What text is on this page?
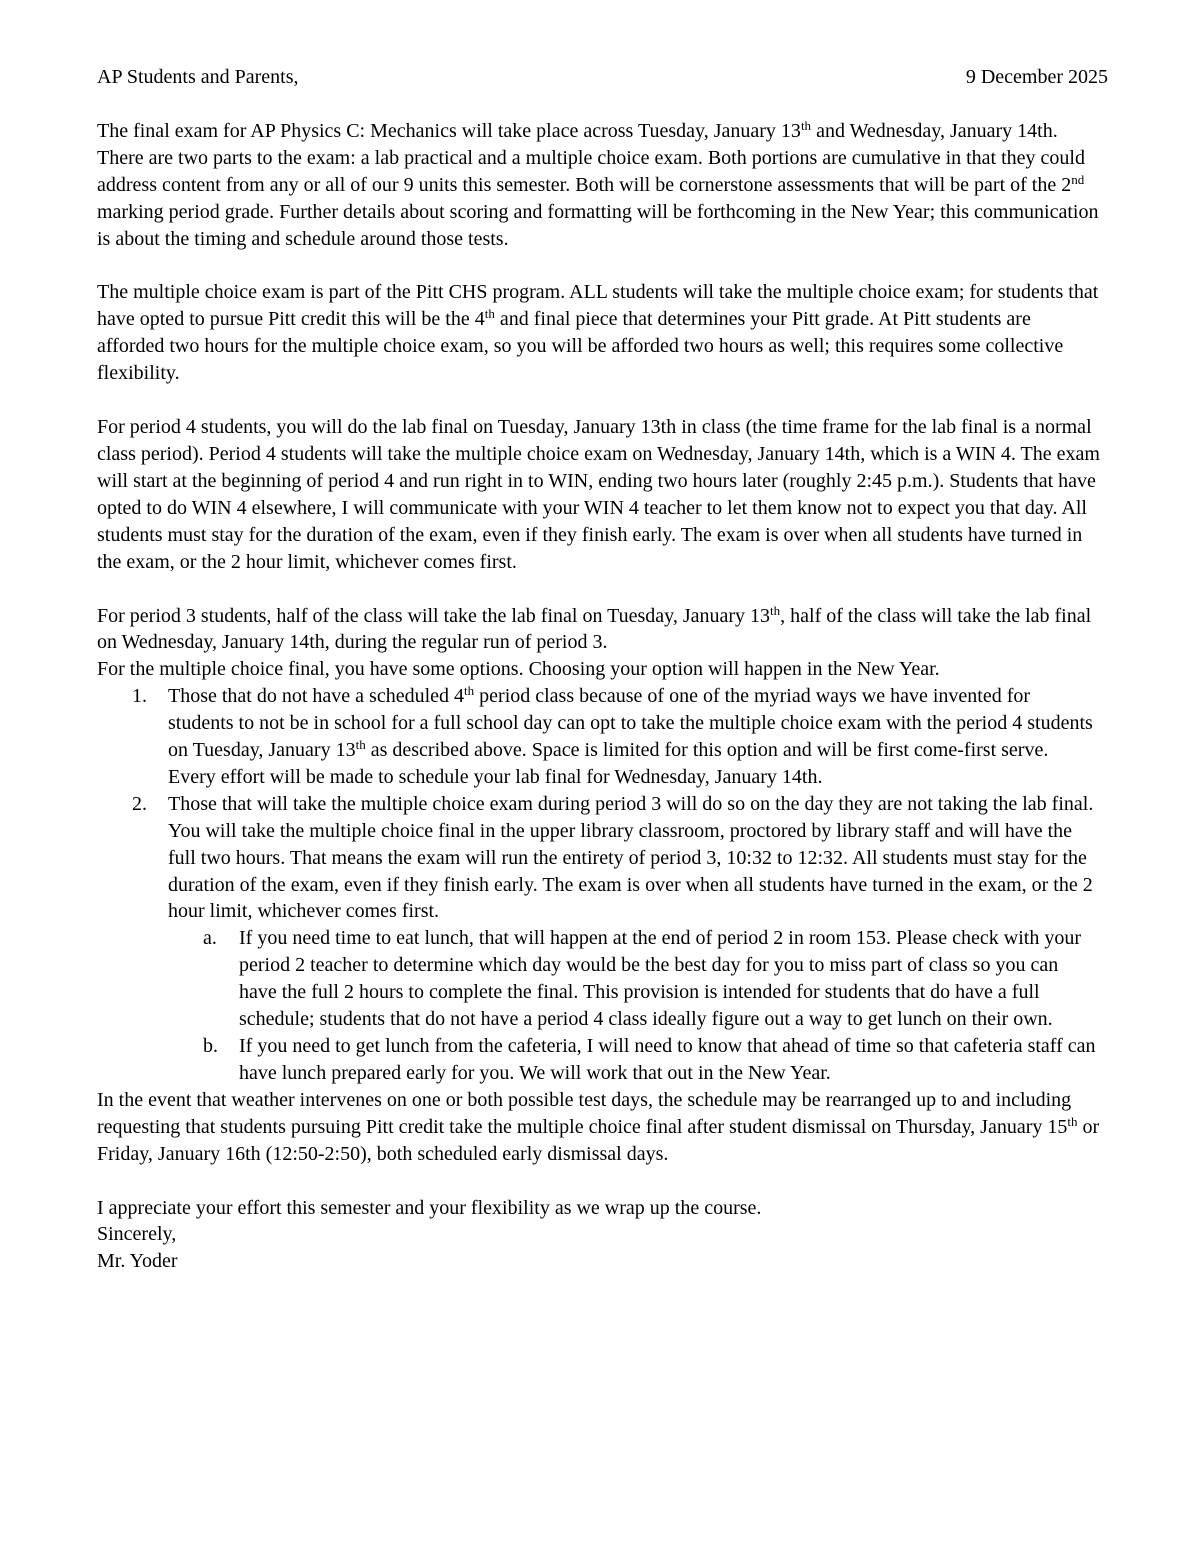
AP Students and Parents,	9 December 2025

The final exam for AP Physics C: Mechanics will take place across Tuesday, January 13th and Wednesday, January 14th. There are two parts to the exam: a lab practical and a multiple choice exam. Both portions are cumulative in that they could address content from any or all of our 9 units this semester. Both will be cornerstone assessments that will be part of the 2nd marking period grade. Further details about scoring and formatting will be forthcoming in the New Year; this communication is about the timing and schedule around those tests.

The multiple choice exam is part of the Pitt CHS program. ALL students will take the multiple choice exam; for students that have opted to pursue Pitt credit this will be the 4th and final piece that determines your Pitt grade. At Pitt students are afforded two hours for the multiple choice exam, so you will be afforded two hours as well; this requires some collective flexibility.

For period 4 students, you will do the lab final on Tuesday, January 13th in class (the time frame for the lab final is a normal class period). Period 4 students will take the multiple choice exam on Wednesday, January 14th, which is a WIN 4. The exam will start at the beginning of period 4 and run right in to WIN, ending two hours later (roughly 2:45 p.m.). Students that have opted to do WIN 4 elsewhere, I will communicate with your WIN 4 teacher to let them know not to expect you that day. All students must stay for the duration of the exam, even if they finish early. The exam is over when all students have turned in the exam, or the 2 hour limit, whichever comes first.

For period 3 students, half of the class will take the lab final on Tuesday, January 13th, half of the class will take the lab final on Wednesday, January 14th, during the regular run of period 3.

For the multiple choice final, you have some options. Choosing your option will happen in the New Year.

1. Those that do not have a scheduled 4th period class because of one of the myriad ways we have invented for students to not be in school for a full school day can opt to take the multiple choice exam with the period 4 students on Tuesday, January 13th as described above. Space is limited for this option and will be first come-first serve. Every effort will be made to schedule your lab final for Wednesday, January 14th.
2. Those that will take the multiple choice exam during period 3 will do so on the day they are not taking the lab final. You will take the multiple choice final in the upper library classroom, proctored by library staff and will have the full two hours. That means the exam will run the entirety of period 3, 10:32 to 12:32. All students must stay for the duration of the exam, even if they finish early. The exam is over when all students have turned in the exam, or the 2 hour limit, whichever comes first.
a. If you need time to eat lunch, that will happen at the end of period 2 in room 153. Please check with your period 2 teacher to determine which day would be the best day for you to miss part of class so you can have the full 2 hours to complete the final. This provision is intended for students that do have a full schedule; students that do not have a period 4 class ideally figure out a way to get lunch on their own.
b. If you need to get lunch from the cafeteria, I will need to know that ahead of time so that cafeteria staff can have lunch prepared early for you. We will work that out in the New Year.

In the event that weather intervenes on one or both possible test days, the schedule may be rearranged up to and including requesting that students pursuing Pitt credit take the multiple choice final after student dismissal on Thursday, January 15th or Friday, January 16th (12:50-2:50), both scheduled early dismissal days.

I appreciate your effort this semester and your flexibility as we wrap up the course.

Sincerely,

Mr. Yoder
